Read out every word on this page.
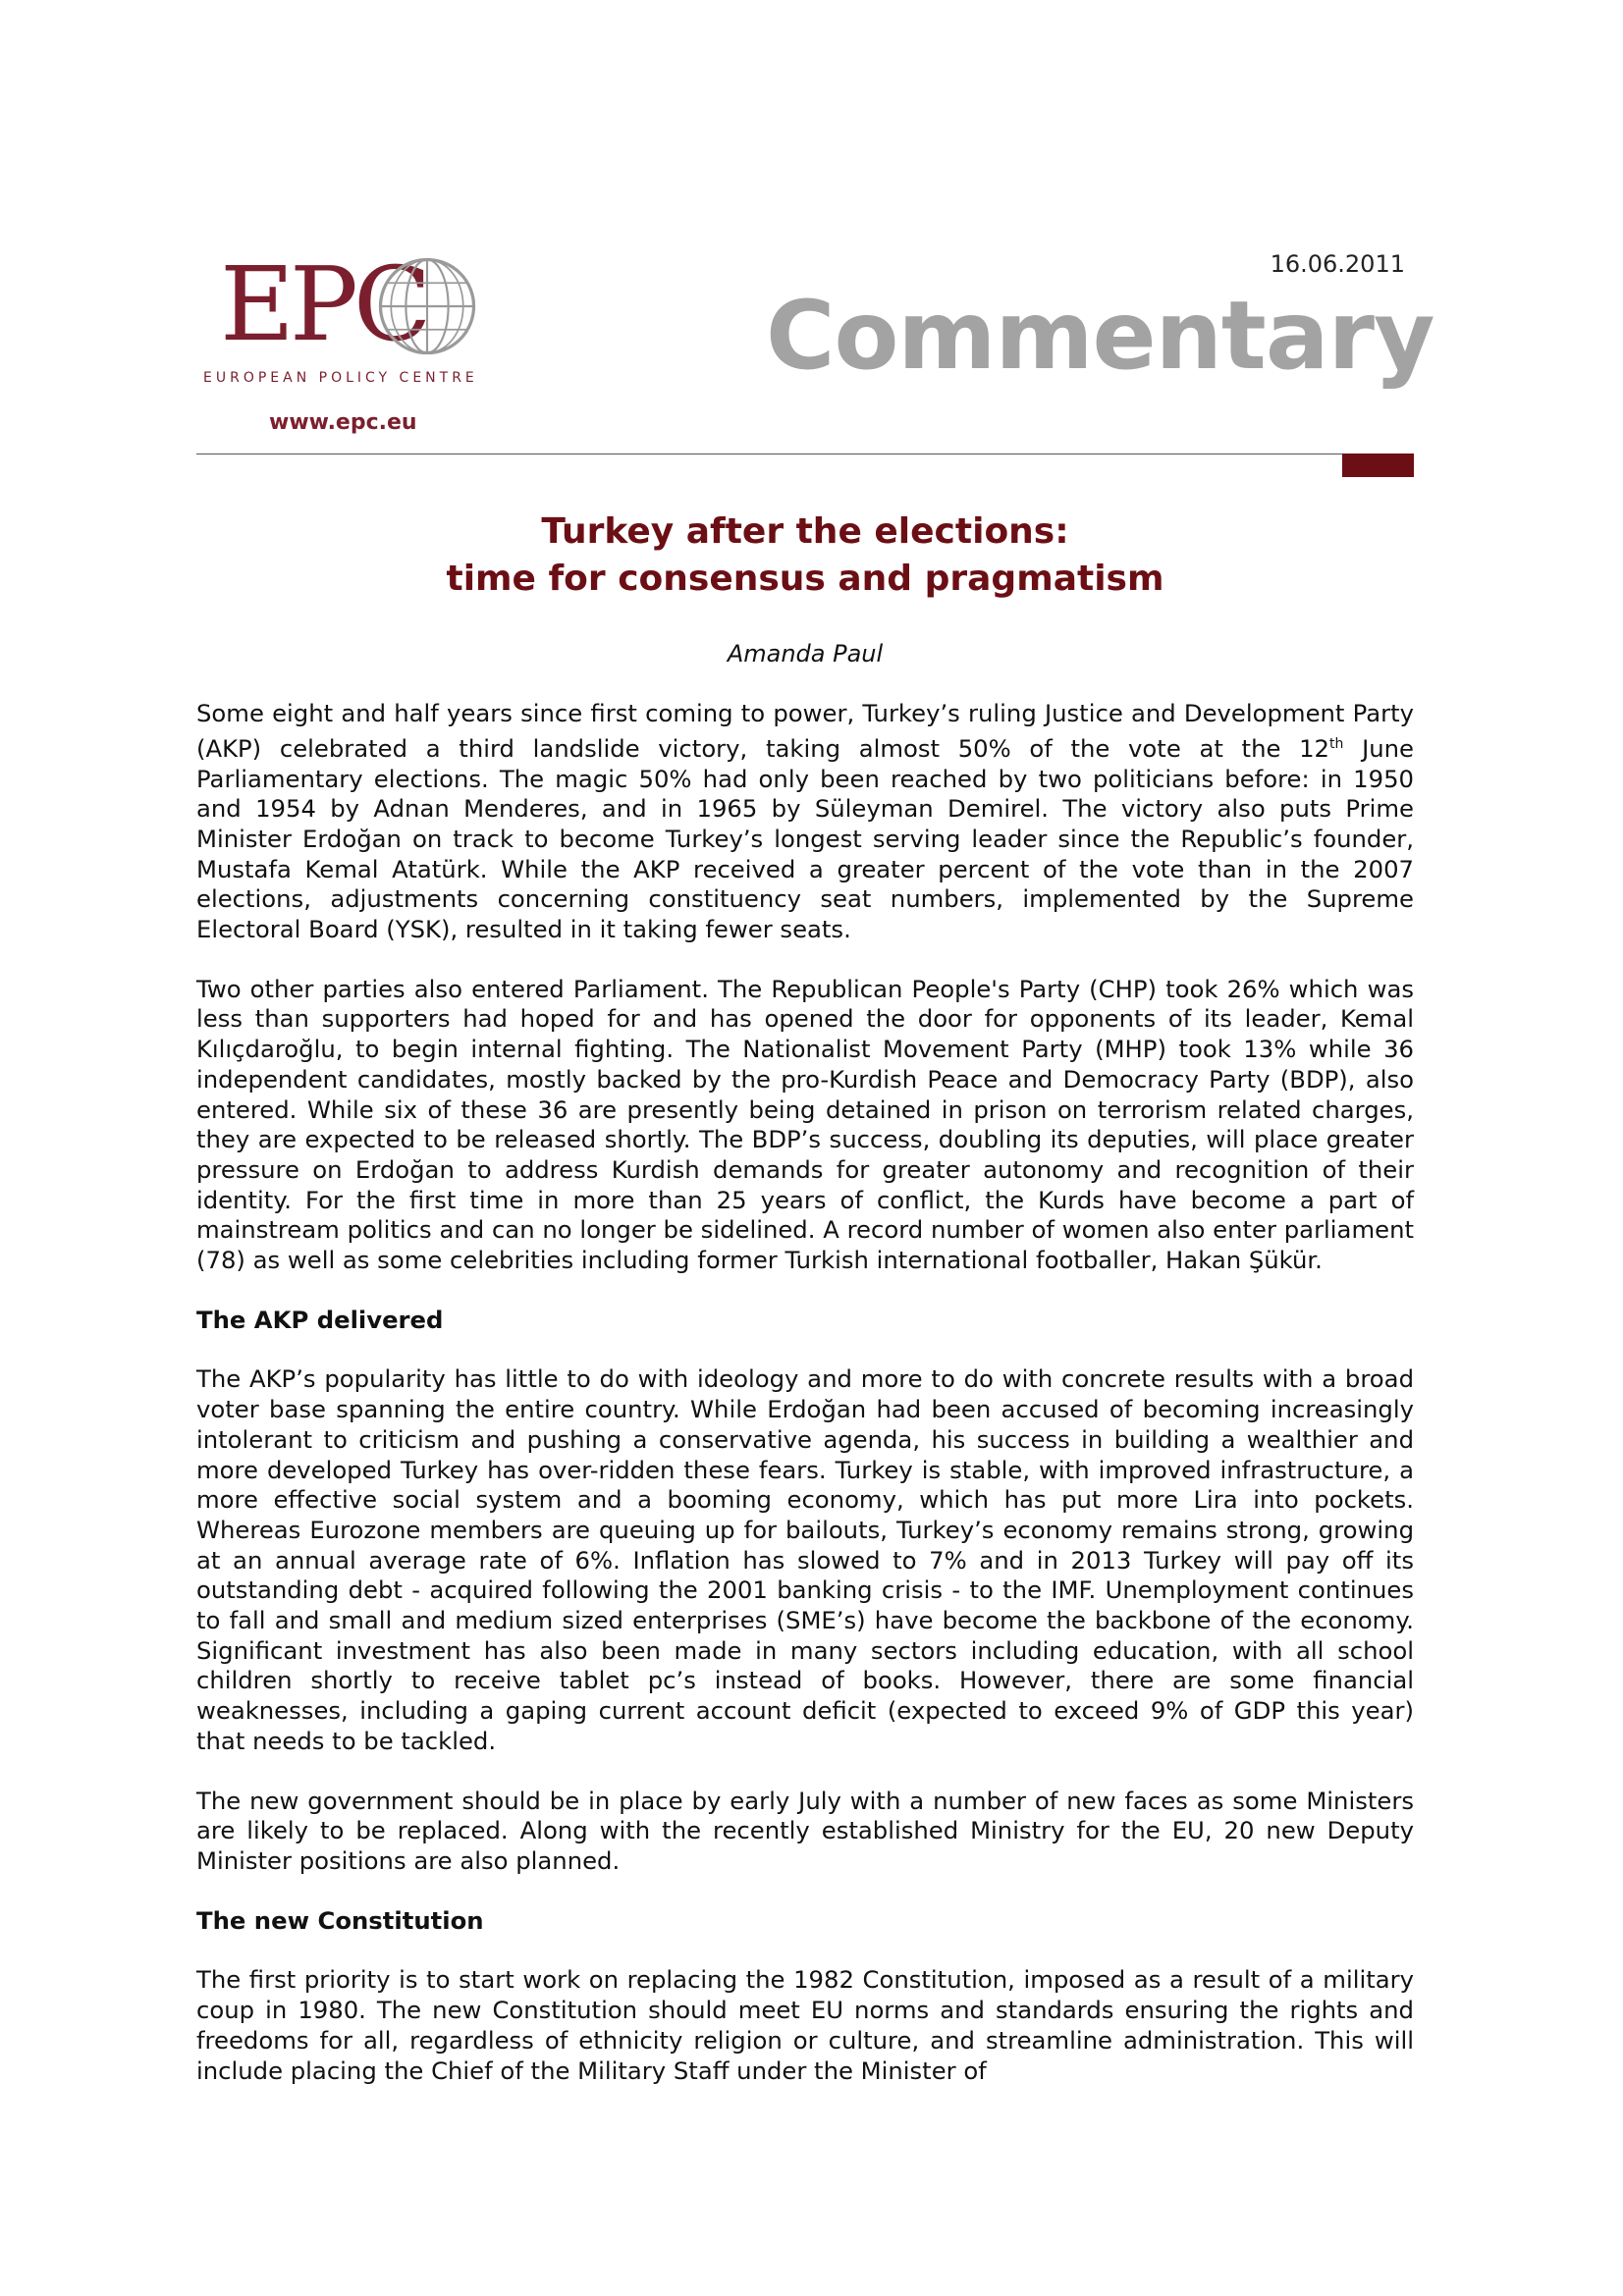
EPC
EUROPEAN POLICY CENTRE
www.epc.eu
16.06.2011
Commentary
Turkey after the elections:
time for consensus and pragmatism
Amanda Paul

Some eight and half years since first coming to power, Turkey’s ruling Justice and Development Party (AKP) celebrated a third landslide victory, taking almost 50% of the vote at the 12th June Parliamentary elections. The magic 50% had only been reached by two politicians before: in 1950 and 1954 by Adnan Menderes, and in 1965 by Süleyman Demirel. The victory also puts Prime Minister Erdoğan on track to become Turkey’s longest serving leader since the Republic’s founder, Mustafa Kemal Atatürk. While the AKP received a greater percent of the vote than in the 2007 elections, adjustments concerning constituency seat numbers, implemented by the Supreme Electoral Board (YSK), resulted in it taking fewer seats.

Two other parties also entered Parliament. The Republican People's Party (CHP) took 26% which was less than supporters had hoped for and has opened the door for opponents of its leader, Kemal Kılıçdaroğlu, to begin internal fighting. The Nationalist Movement Party (MHP) took 13% while 36 independent candidates, mostly backed by the pro-Kurdish Peace and Democracy Party (BDP), also entered. While six of these 36 are presently being detained in prison on terrorism related charges, they are expected to be released shortly. The BDP’s success, doubling its deputies, will place greater pressure on Erdoğan to address Kurdish demands for greater autonomy and recognition of their identity. For the first time in more than 25 years of conflict, the Kurds have become a part of mainstream politics and can no longer be sidelined. A record number of women also enter parliament (78) as well as some celebrities including former Turkish international footballer, Hakan Şükür.

The AKP delivered

The AKP’s popularity has little to do with ideology and more to do with concrete results with a broad voter base spanning the entire country. While Erdoğan had been accused of becoming increasingly intolerant to criticism and pushing a conservative agenda, his success in building a wealthier and more developed Turkey has over-ridden these fears. Turkey is stable, with improved infrastructure, a more effective social system and a booming economy, which has put more Lira into pockets. Whereas Eurozone members are queuing up for bailouts, Turkey’s economy remains strong, growing at an annual average rate of 6%. Inflation has slowed to 7% and in 2013 Turkey will pay off its outstanding debt - acquired following the 2001 banking crisis - to the IMF. Unemployment continues to fall and small and medium sized enterprises (SME’s) have become the backbone of the economy. Significant investment has also been made in many sectors including education, with all school children shortly to receive tablet pc’s instead of books. However, there are some financial weaknesses, including a gaping current account deficit (expected to exceed 9% of GDP this year) that needs to be tackled.

The new government should be in place by early July with a number of new faces as some Ministers are likely to be replaced. Along with the recently established Ministry for the EU, 20 new Deputy Minister positions are also planned.

The new Constitution

The first priority is to start work on replacing the 1982 Constitution, imposed as a result of a military coup in 1980. The new Constitution should meet EU norms and standards ensuring the rights and freedoms for all, regardless of ethnicity religion or culture, and streamline administration. This will include placing the Chief of the Military Staff under the Minister of
